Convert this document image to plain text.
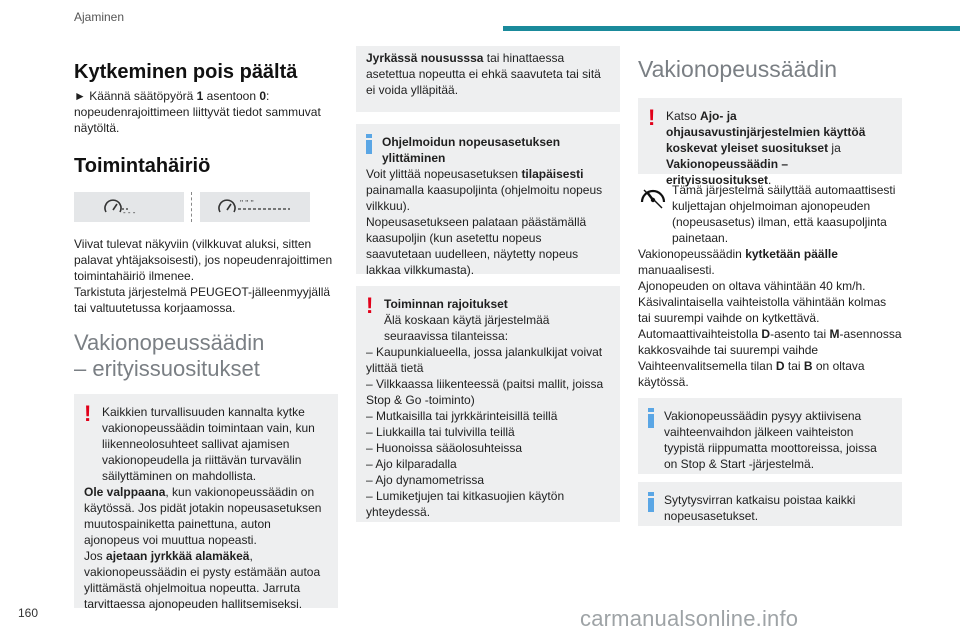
Ajaminen
Kytkeminen pois päältä

► Käännä säätöpyörä 1 asentoon 0: nopeudenrajoittimeen liittyvät tiedot sammuvat näytöltä.

Toimintahäiriö
- - -
'' '' ''

Viivat tulevat näkyviin (vilkkuvat aluksi, sitten palavat yhtäjaksoisesti), jos nopeudenrajoittimen toimintahäiriö ilmenee.

Tarkistuta järjestelmä PEUGEOT-jälleenmyyjällä tai valtuutetussa korjaamossa.

Vakionopeussäädin
– erityissuositukset
! Kaikkien turvallisuuden kannalta kytke vakionopeussäädin toimintaan vain, kun liikenneolosuhteet sallivat ajamisen vakionopeudella ja riittävän turvavälin säilyttäminen on mahdollista.

Ole valppaana, kun vakionopeussäädin on käytössä. Jos pidät jotakin nopeusasetuksen muutospainiketta painettuna, auton ajonopeus voi muuttua nopeasti.

Jos ajetaan jyrkkää alamäkeä, vakionopeussäädin ei pysty estämään autoa ylittämästä ohjelmoitua nopeutta. Jarruta tarvittaessa ajonopeuden hallitsemiseksi.

Jyrkässä noususssa tai hinattaessa asetettua nopeutta ei ehkä saavuteta tai sitä ei voida ylläpitää.

Ohjelmoidun nopeusasetuksen ylittäminen

Voit ylittää nopeusasetuksen tilapäisesti painamalla kaasupoljinta (ohjelmoitu nopeus vilkkuu).

Nopeusasetukseen palataan päästämällä kaasupoljin (kun asetettu nopeus saavutetaan uudelleen, näytetty nopeus lakkaa vilkkumasta).

! Toiminnan rajoitukset
Älä koskaan käytä järjestelmää seuraavissa tilanteissa:

– Kaupunkialueella, jossa jalankulkijat voivat ylittää tietä

– Vilkkaassa liikenteessä (paitsi mallit, joissa Stop & Go -toiminto)

– Mutkaisilla tai jyrkkärinteisillä teillä

– Liukkailla tai tulvivilla teillä

– Huonoissa sääolosuhteissa

– Ajo kilparadalla

– Ajo dynamometrissa

– Lumiketjujen tai kitkasuojien käytön yhteydessä.

Vakionopeussäädin
! Katso Ajo- ja ohjausavustinjärjestelmien käyttöä koskevat yleiset suositukset ja Vakionopeussäädin – erityissuositukset.

Tämä järjestelmä säilyttää automaattisesti kuljettajan ohjelmoiman ajonopeuden (nopeusasetus) ilman, että kaasupoljinta painetaan.

Vakionopeussäädin kytketään päälle manuaalisesti.

Ajonopeuden on oltava vähintään 40 km/h.

Käsivalintaisella vaihteistolla vähintään kolmas tai suurempi vaihde on kytkettävä.

Automaattivaihteistolla D-asento tai M-asennossa kakkosvaihde tai suurempi vaihde Vaihteenvalitsemella tilan D tai B on oltava käytössä.

Vakionopeussäädin pysyy aktiivisena vaihteenvaihdon jälkeen vaihteiston tyypistä riippumatta moottoreissa, joissa on Stop & Start -järjestelmä.

Sytytysvirran katkaisu poistaa kaikki nopeusasetukset.

160	carmanualsonline.info
